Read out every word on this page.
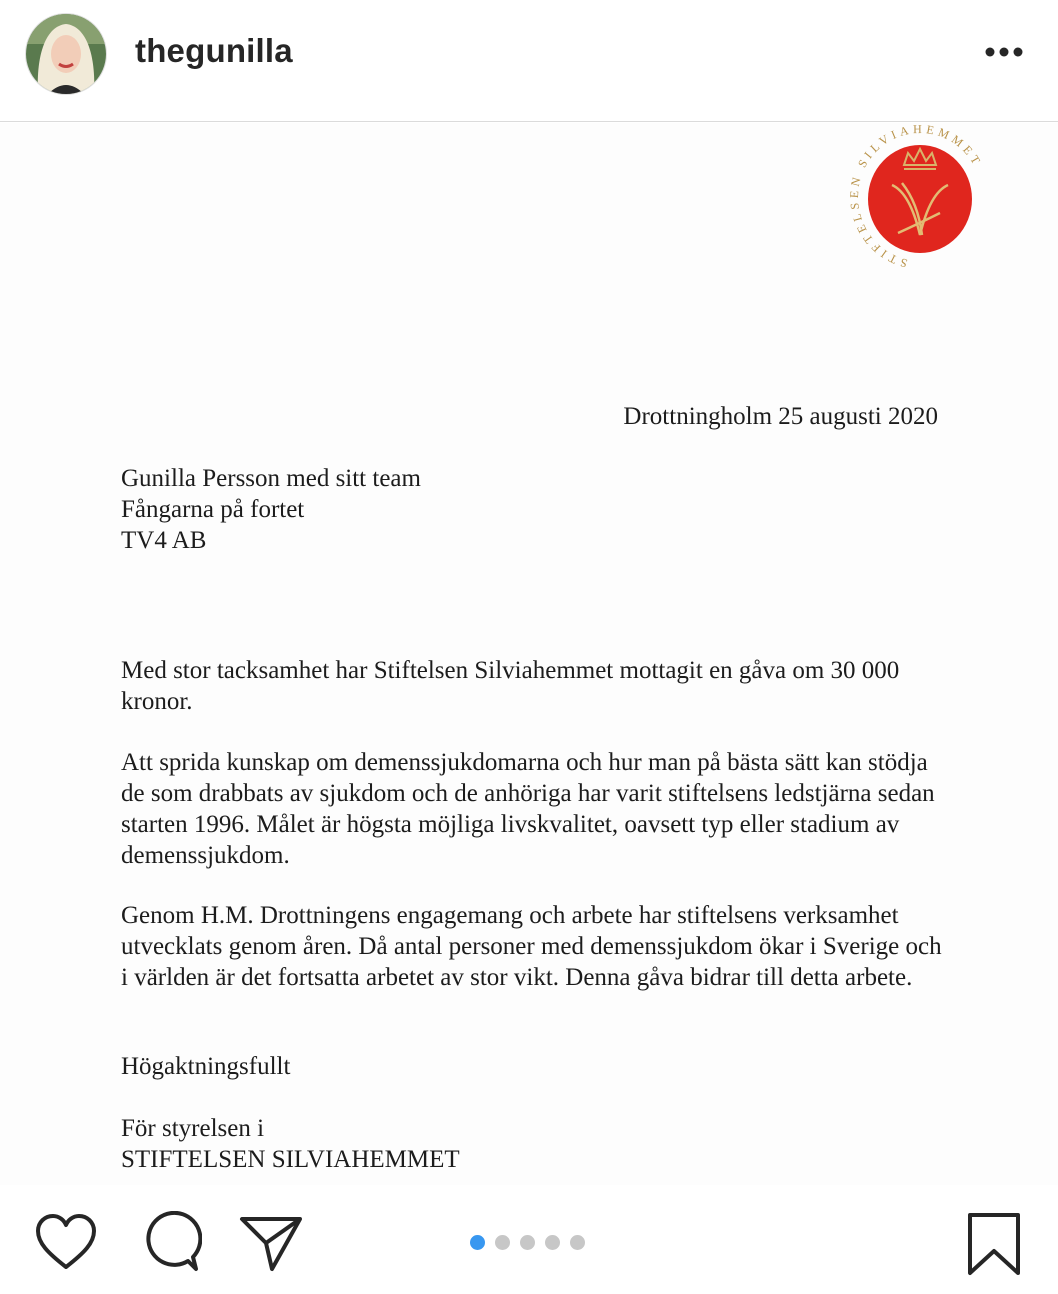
thegunilla
STIFTELSEN SILVIAHEMMET
Drottningholm 25 augusti 2020
Gunilla Persson med sitt team
Fångarna på fortet
TV4 AB
Med stor tacksamhet har Stiftelsen Silviahemmet mottagit en gåva om 30 000 kronor.
Att sprida kunskap om demenssjukdomarna och hur man på bästa sätt kan stödja de som drabbats av sjukdom och de anhöriga har varit stiftelsens ledstjärna sedan starten 1996. Målet är högsta möjliga livskvalitet, oavsett typ eller stadium av demenssjukdom.
Genom H.M. Drottningens engagemang och arbete har stiftelsens verksamhet utvecklats genom åren. Då antal personer med demenssjukdom ökar i Sverige och i världen är det fortsatta arbetet av stor vikt. Denna gåva bidrar till detta arbete.
Högaktningsfullt
För styrelsen i
STIFTELSEN SILVIAHEMMET
